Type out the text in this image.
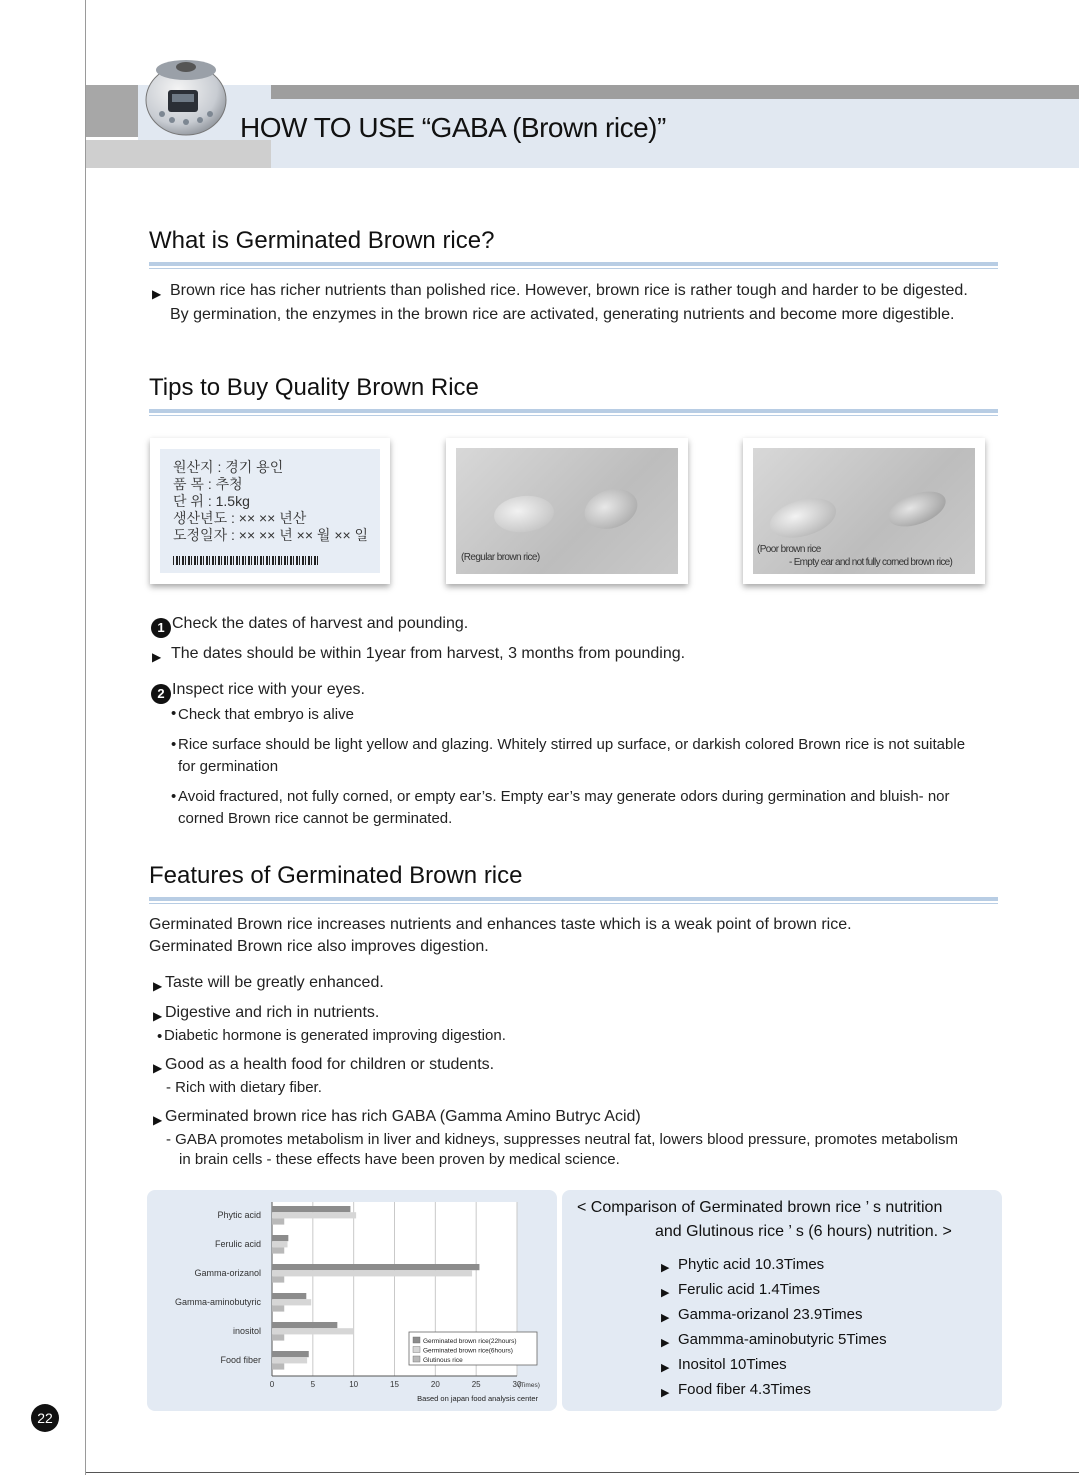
HOW TO USE “GABA (Brown rice)”
What is Germinated Brown rice?
▶ Brown rice has richer nutrients than polished rice. However, brown rice is rather tough and harder to be digested.
By germination, the enzymes in the brown rice are activated, generating nutrients and become more digestible.
Tips to Buy Quality Brown Rice
원산지 : 경기 용인
품 목 : 추청
단 위 : 1.5kg
생산년도 : ×× ×× 년산
도정일자 : ×× ×× 년 ×× 월 ×× 일
(Regular brown rice)
(Poor brown rice
- Empty ear and not fully corned brown rice)
1 Check the dates of harvest and pounding.
▶ The dates should be within 1year from harvest, 3 months from pounding.
2 Inspect rice with your eyes.
• Check that embryo is alive
• Rice surface should be light yellow and glazing. Whitely stirred up surface, or darkish colored Brown rice is not suitable
for germination
• Avoid fractured, not fully corned, or empty ear’s. Empty ear’s may generate odors during germination and bluish- nor
corned Brown rice cannot be germinated.
Features of Germinated Brown rice
Germinated Brown rice increases nutrients and enhances taste which is a weak point of brown rice.
Germinated Brown rice also improves digestion.
▶ Taste will be greatly enhanced.
▶ Digestive and rich in nutrients.
• Diabetic hormone is generated improving digestion.
▶ Good as a health food for children or students.
- Rich with dietary fiber.
▶ Germinated brown rice has rich GABA (Gamma Amino Butryc Acid)
- GABA promotes metabolism in liver and kidneys, suppresses neutral fat, lowers blood pressure, promotes metabolism
in brain cells - these effects have been proven by medical science.
0	5	10	15	20	25	30
(Times)
Phytic acid
Ferulic acid
Gamma-orizanol
Gamma-aminobutyric
inositol
Food fiber
Germinated brown rice(22hours)
Germinated brown rice(6hours)
Glutinous rice
Based on japan food analysis center
< Comparison of Germinated brown rice ’ s nutrition
and Glutinous rice ’ s (6 hours) nutrition. >
▶ Phytic acid 10.3Times
▶ Ferulic acid 1.4Times
▶ Gamma-orizanol 23.9Times
▶ Gammma-aminobutyric 5Times
▶ Inositol 10Times
▶ Food fiber 4.3Times
22
